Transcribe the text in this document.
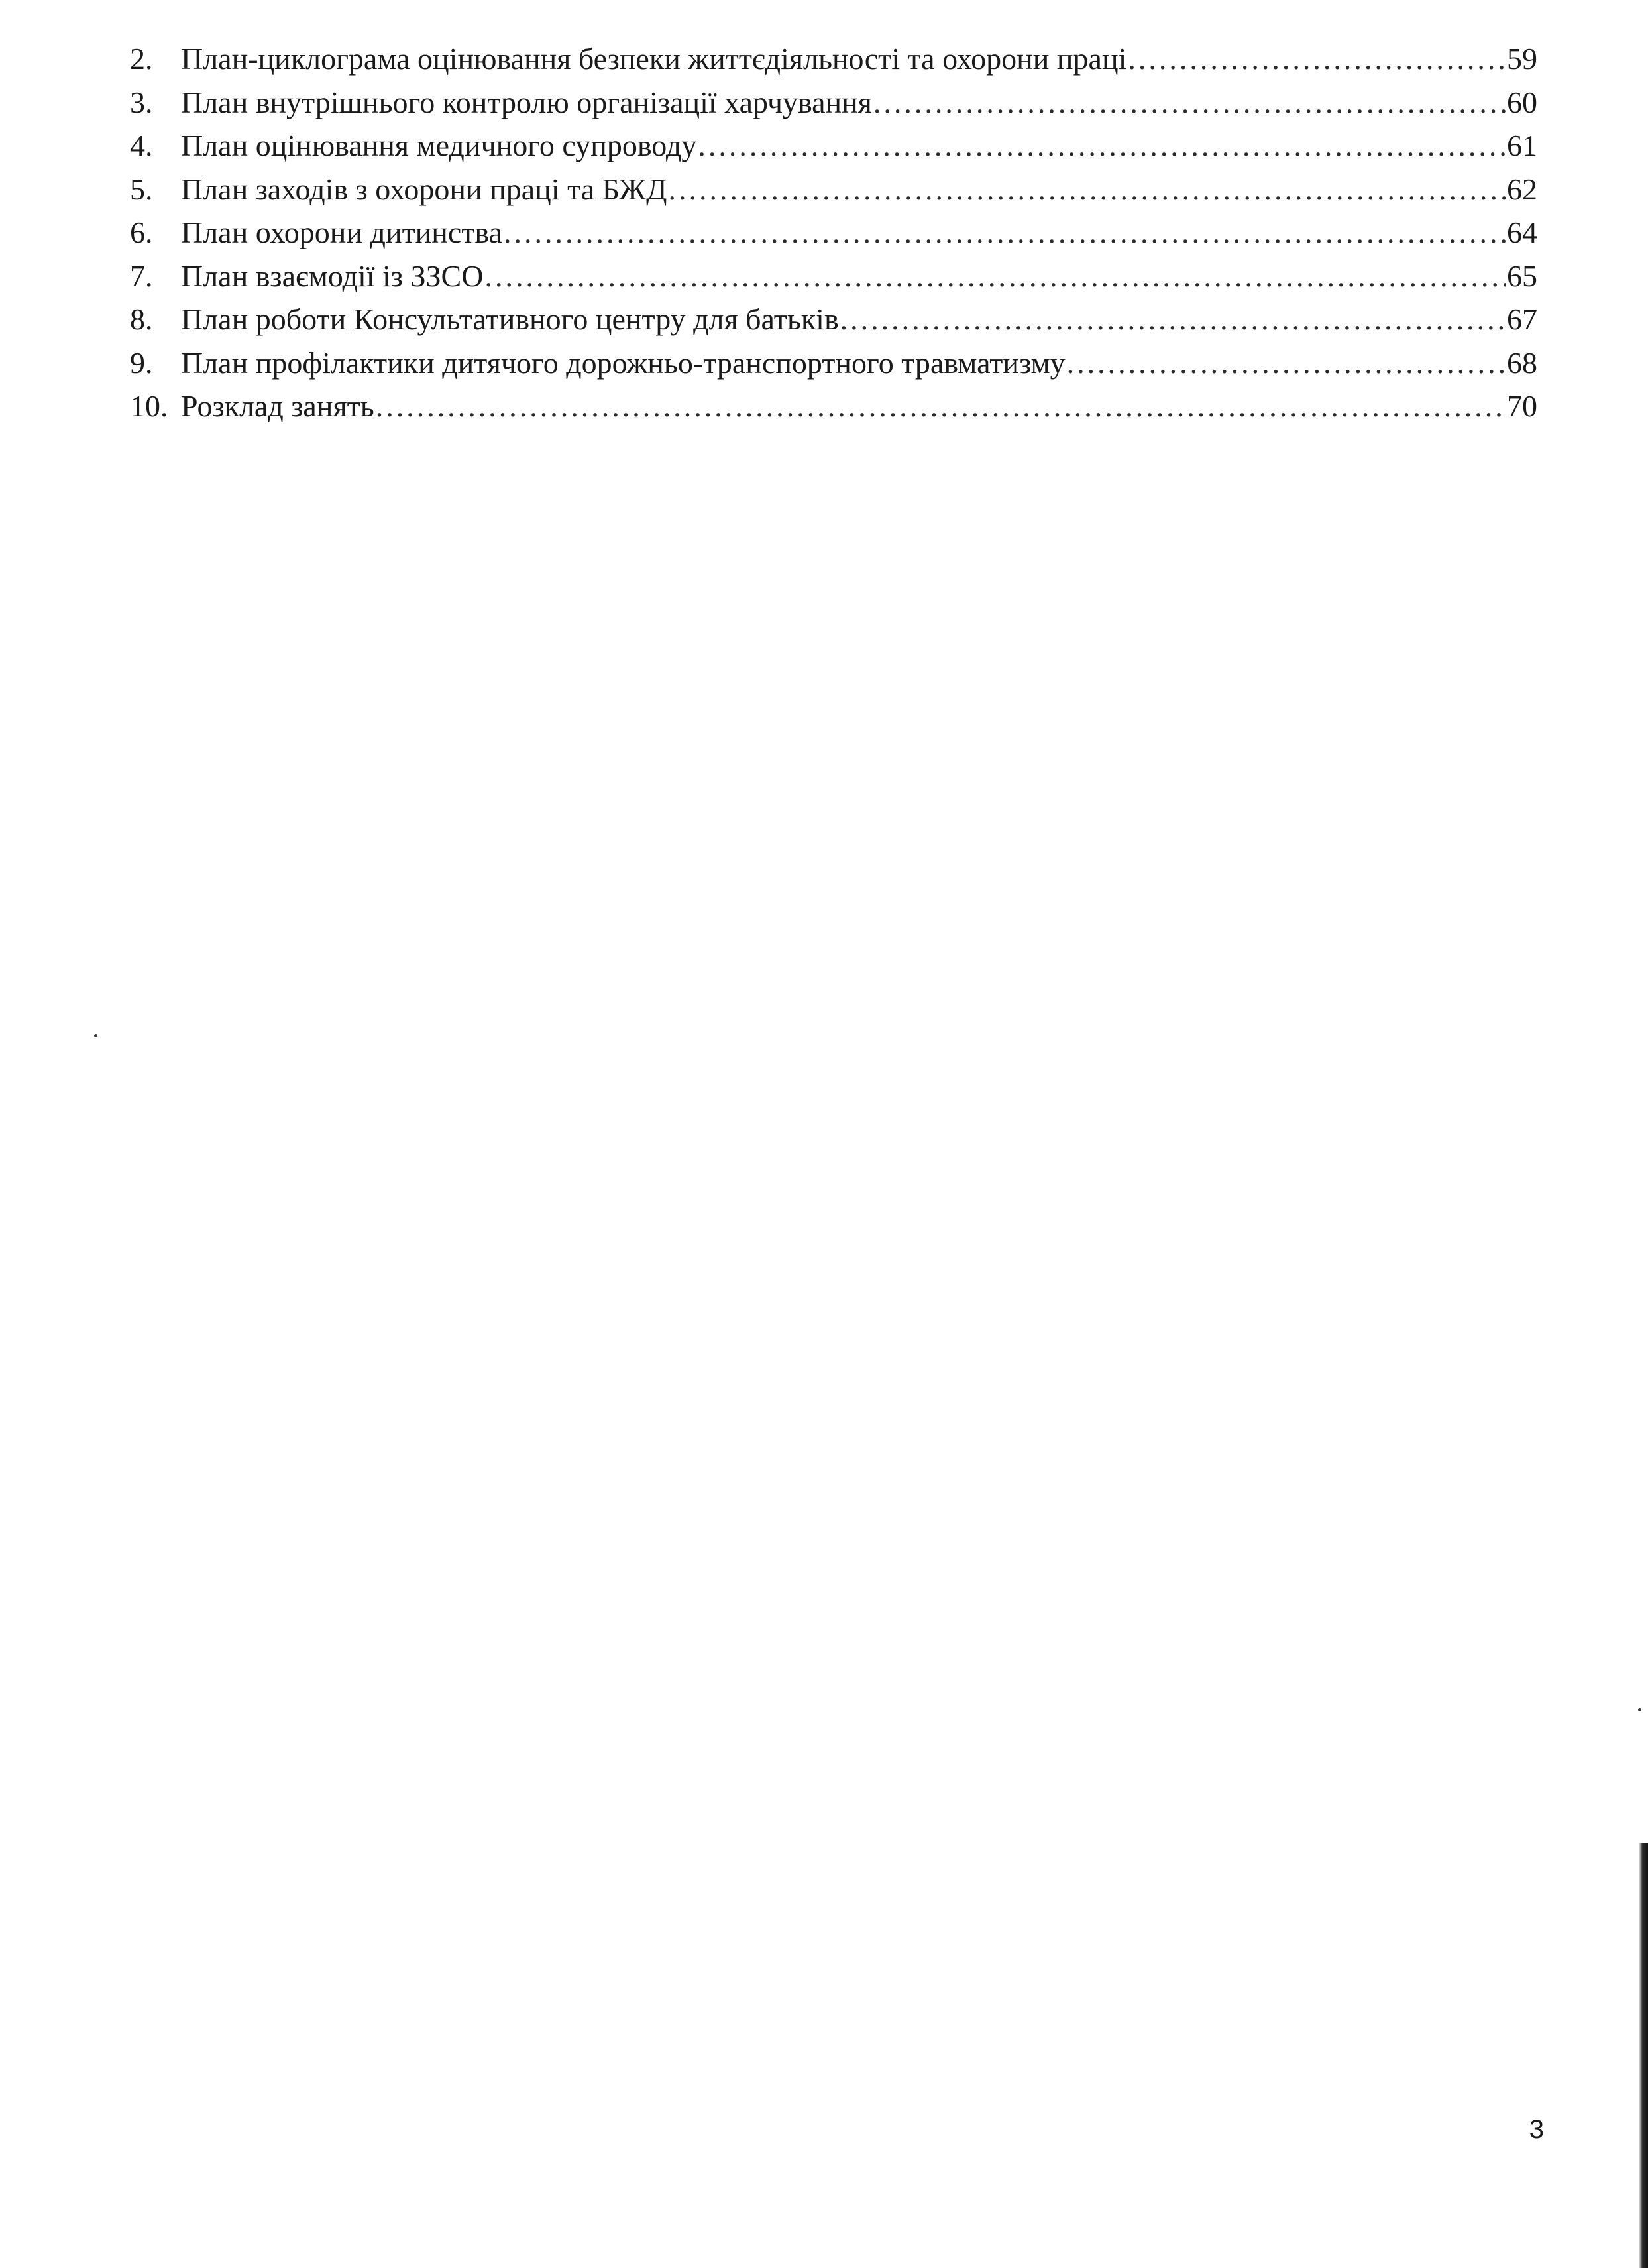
2. План-циклограма оцінювання безпеки життєдіяльності та охорони праці .....	59
3. План внутрішнього контролю організації харчування .....	60
4. План оцінювання медичного супроводу .....	61
5. План заходів з охорони праці та БЖД .....	62
6. План охорони дитинства .....	64
7. План взаємодії із ЗЗСО .....	65
8. План роботи Консультативного центру для батьків .....	67
9. План профілактики дитячого дорожньо-транспортного травматизму .....	68
10. Розклад занять .....	70
3
